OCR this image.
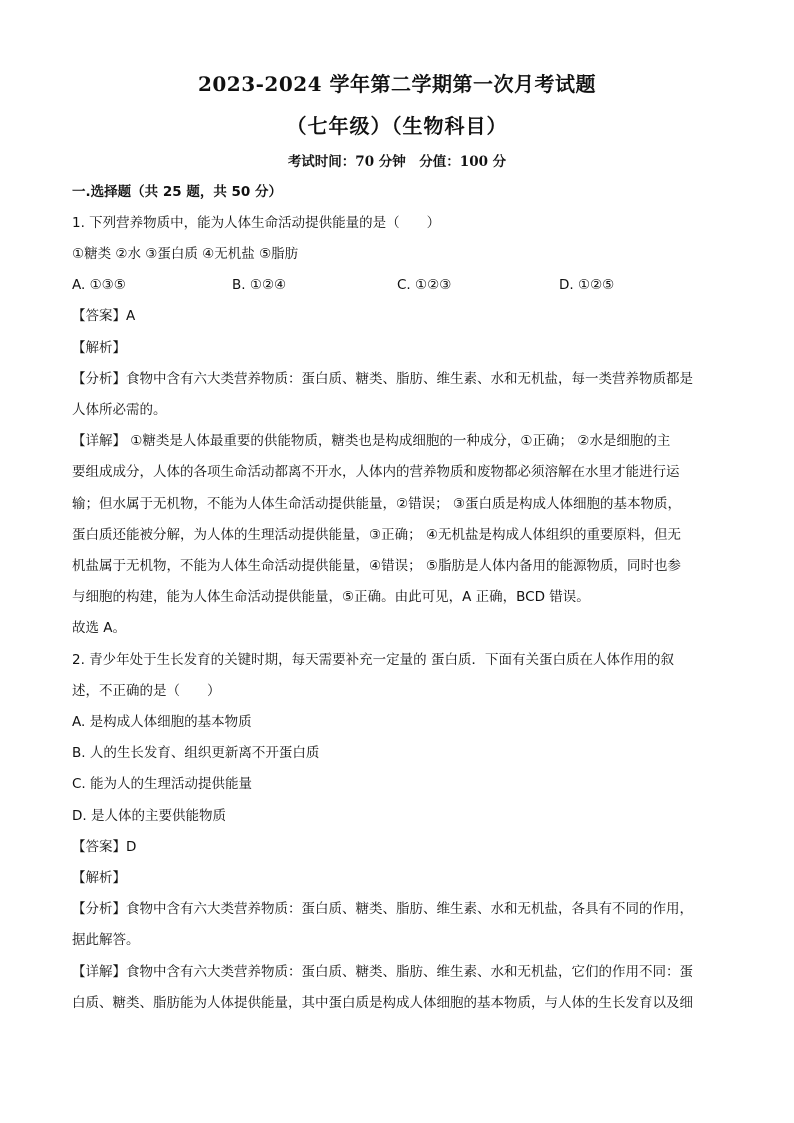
2023-2024 学年第二学期第一次月考试题
（七年级）（生物科目）
考试时间：70 分钟　分值：100 分
一.选择题（共 25 题，共 50 分）
1. 下列营养物质中，能为人体生命活动提供能量的是（　　）
①糖类 ②水 ③蛋白质 ④无机盐 ⑤脂肪
A. ①③⑤	B. ①②④	C. ①②③	D. ①②⑤
【答案】A
【解析】
【分析】食物中含有六大类营养物质：蛋白质、糖类、脂肪、维生素、水和无机盐，每一类营养物质都是
人体所必需的。
【详解】 ①糖类是人体最重要的供能物质，糖类也是构成细胞的一种成分，①正确； ②水是细胞的主
要组成成分，人体的各项生命活动都离不开水，人体内的营养物质和废物都必须溶解在水里才能进行运
输；但水属于无机物，不能为人体生命活动提供能量，②错误； ③蛋白质是构成人体细胞的基本物质，
蛋白质还能被分解，为人体的生理活动提供能量，③正确； ④无机盐是构成人体组织的重要原料，但无
机盐属于无机物，不能为人体生命活动提供能量，④错误； ⑤脂肪是人体内备用的能源物质，同时也参
与细胞的构建，能为人体生命活动提供能量，⑤正确。由此可见，A 正确，BCD 错误。
故选 A。
2. 青少年处于生长发育的关键时期，每天需要补充一定量的 蛋白质．下面有关蛋白质在人体作用的叙
述，不正确的是（　　）
A. 是构成人体细胞的基本物质
B. 人的生长发育、组织更新离不开蛋白质
C. 能为人的生理活动提供能量
D. 是人体的主要供能物质
【答案】D
【解析】
【分析】食物中含有六大类营养物质：蛋白质、糖类、脂肪、维生素、水和无机盐，各具有不同的作用，
据此解答。
【详解】食物中含有六大类营养物质：蛋白质、糖类、脂肪、维生素、水和无机盐，它们的作用不同：蛋
白质、糖类、脂肪能为人体提供能量，其中蛋白质是构成人体细胞的基本物质，与人体的生长发育以及细
